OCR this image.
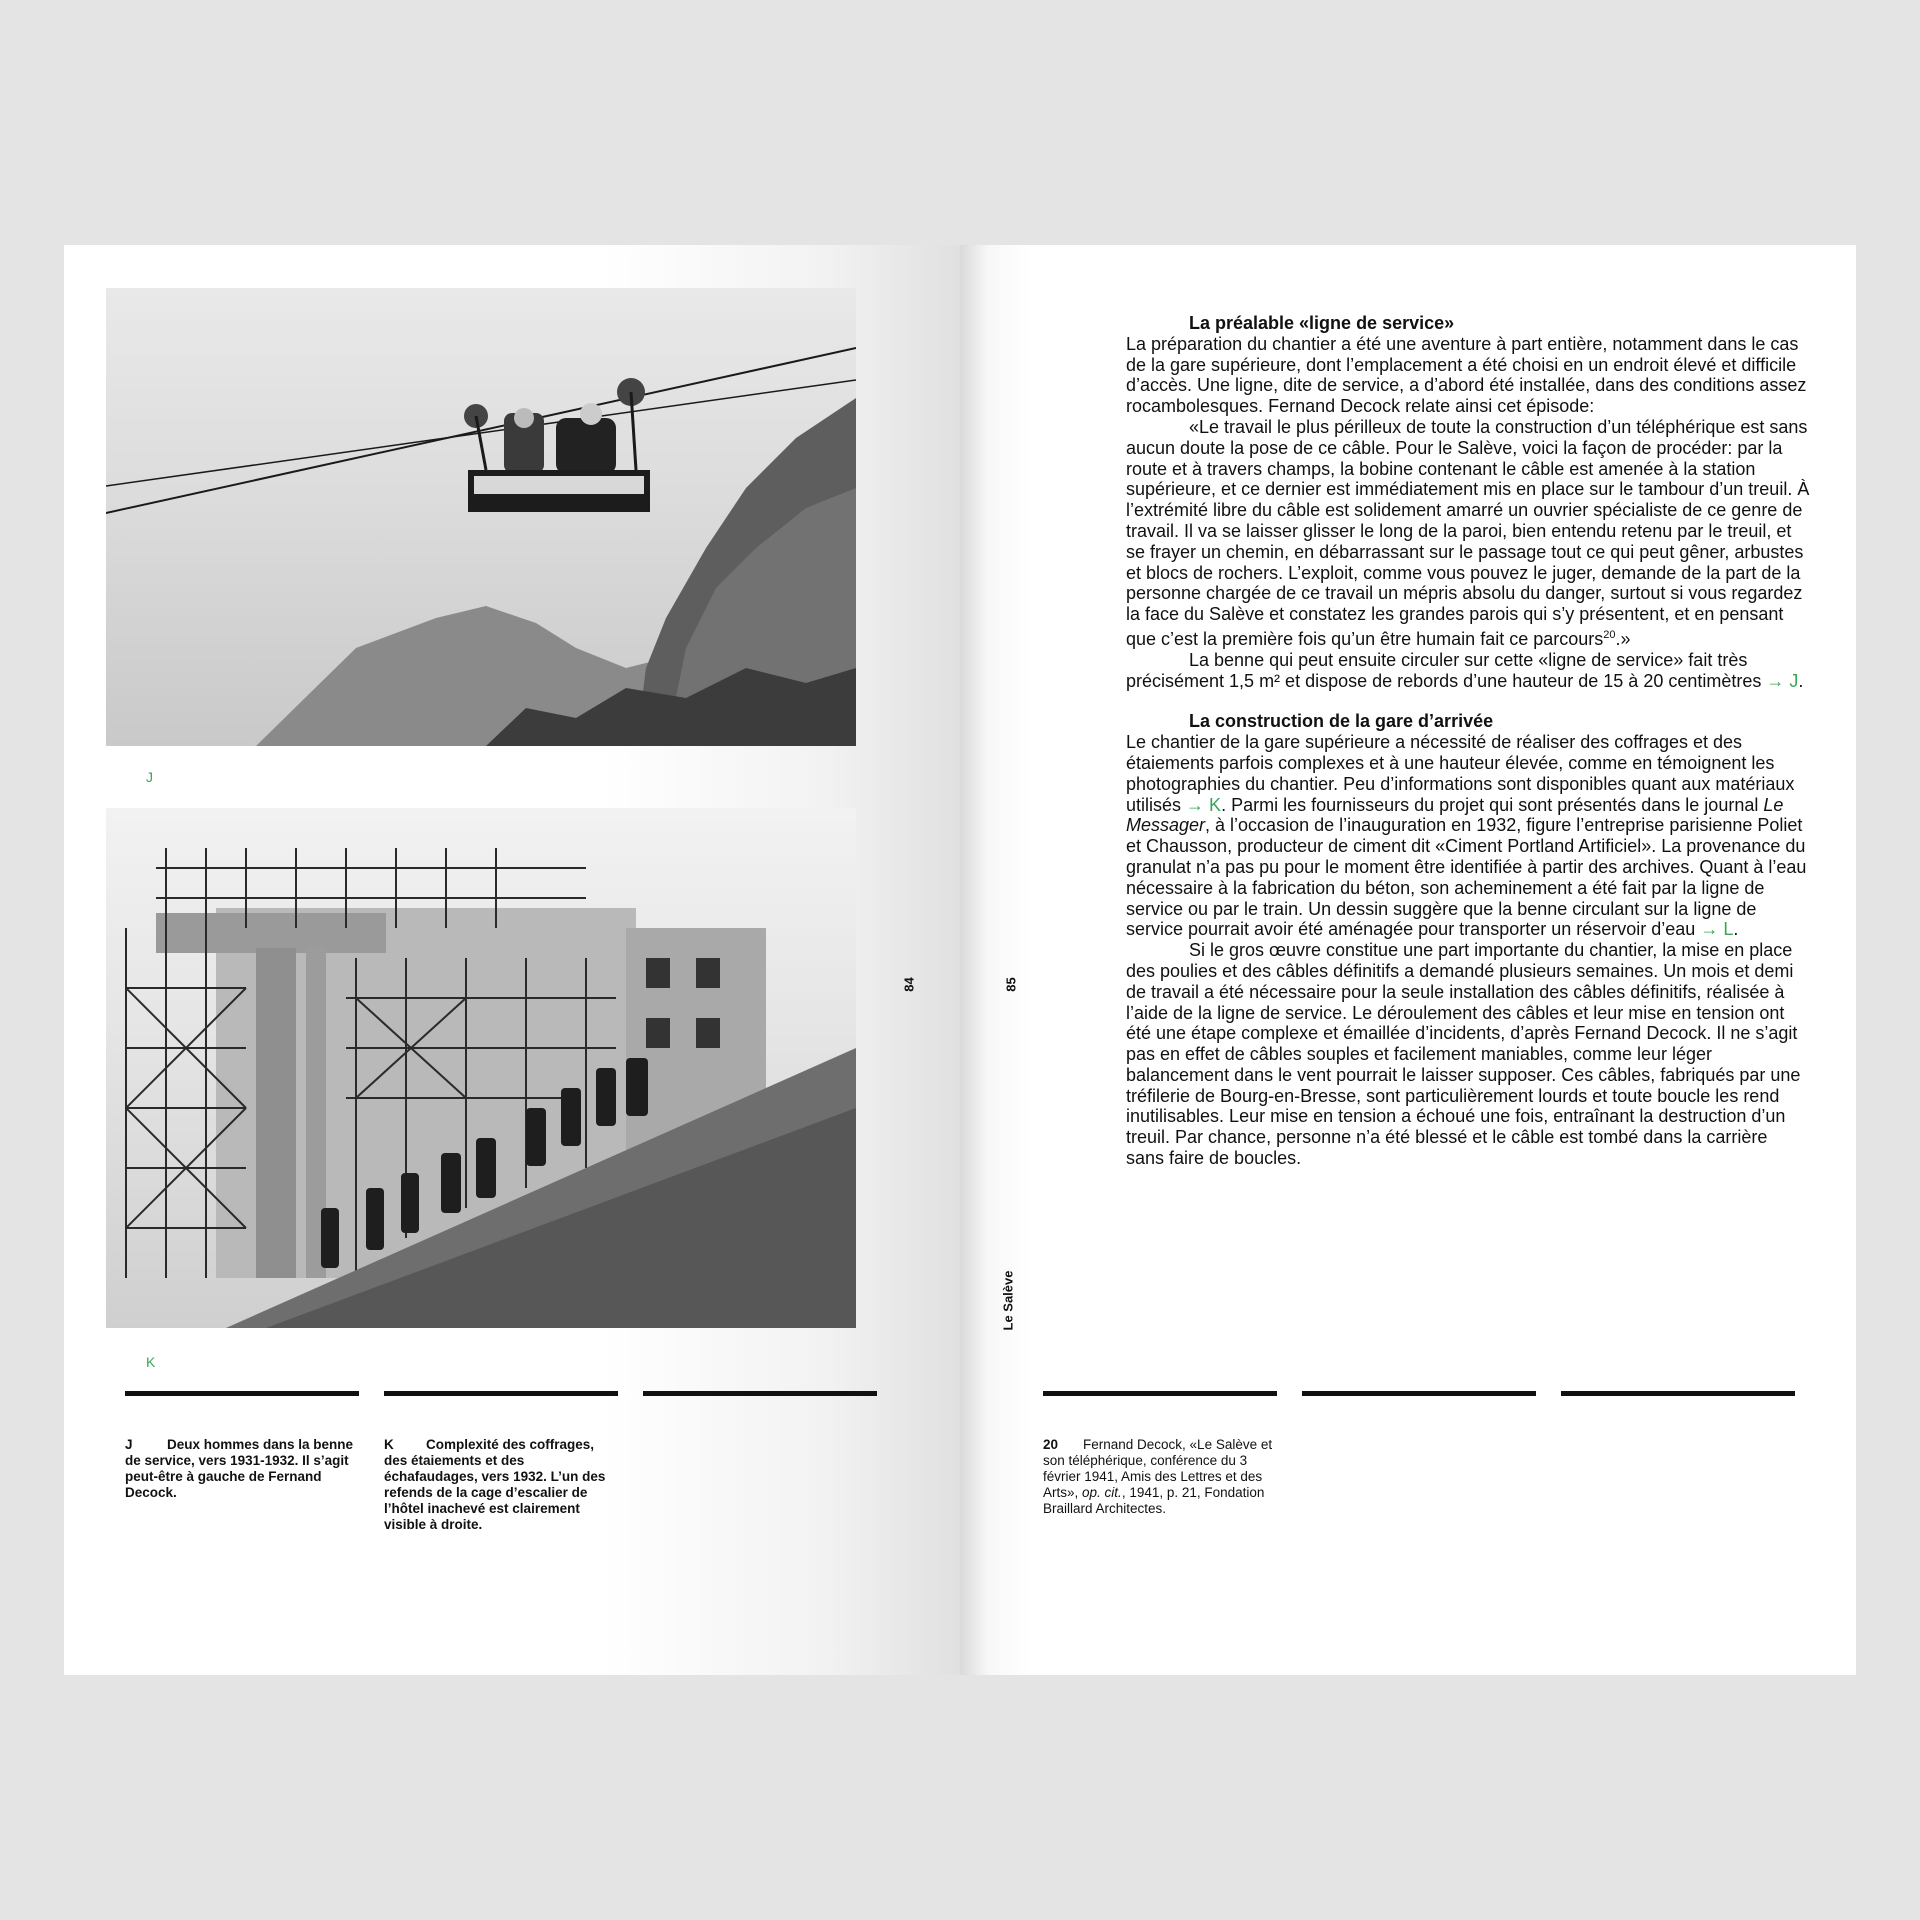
J
K
J	Deux hommes dans la benne de service, vers 1931-1932. Il s’agit peut-être à gauche de Fernand Decock.
K Complexité des coffrages, des étaiements et des échafaudages, vers 1932. L’un des refends de la cage d’escalier de l’hôtel inachevé est clairement visible à droite.
84	85
Le Salève
La préalable «ligne de service»

La préparation du chantier a été une aventure à part entière, notamment dans le cas de la gare supérieure, dont l’emplacement a été choisi en un endroit élevé et difficile d’accès. Une ligne, dite de service, a d’abord été installée, dans des conditions assez rocambolesques. Fernand Decock relate ainsi cet épisode:

«Le travail le plus périlleux de toute la construction d’un téléphérique est sans aucun doute la pose de ce câble. Pour le Salève, voici la façon de procéder: par la route et à travers champs, la bobine contenant le câble est amenée à la station supérieure, et ce dernier est immédiatement mis en place sur le tambour d’un treuil. À l’extrémité libre du câble est solidement amarré un ouvrier spécialiste de ce genre de travail. Il va se laisser glisser le long de la paroi, bien entendu retenu par le treuil, et se frayer un chemin, en débarrassant sur le passage tout ce qui peut gêner, arbustes et blocs de rochers. L’exploit, comme vous pouvez le juger, demande de la part de la personne chargée de ce travail un mépris absolu du danger, surtout si vous regardez la face du Salève et constatez les grandes parois qui s’y présentent, et en pensant que c’est la première fois qu’un être humain fait ce parcours$^{20}$.»

La benne qui peut ensuite circuler sur cette «ligne de service» fait très précisément 1,5 m² et dispose de rebords d’une hauteur de 15 à 20 centimètres → J.

La construction de la gare d’arrivée

Le chantier de la gare supérieure a nécessité de réaliser des coffrages et des étaiements parfois complexes et à une hauteur élevée, comme en témoignent les photographies du chantier. Peu d’informations sont disponibles quant aux matériaux utilisés → K. Parmi les fournisseurs du projet qui sont présentés dans le journal Le Messager, à l’occasion de l’inauguration en 1932, figure l’entreprise parisienne Poliet et Chausson, producteur de ciment dit «Ciment Portland Artificiel». La provenance du granulat n’a pas pu pour le moment être identifiée à partir des archives. Quant à l’eau nécessaire à la fabrication du béton, son acheminement a été fait par la ligne de service ou par le train. Un dessin suggère que la benne circulant sur la ligne de service pourrait avoir été aménagée pour transporter un réservoir d’eau → L.

Si le gros œuvre constitue une part importante du chantier, la mise en place des poulies et des câbles définitifs a demandé plusieurs semaines. Un mois et demi de travail a été nécessaire pour la seule installation des câbles définitifs, réalisée à l’aide de la ligne de service. Le déroulement des câbles et leur mise en tension ont été une étape complexe et émaillée d’incidents, d’après Fernand Decock. Il ne s’agit pas en effet de câbles souples et facilement maniables, comme leur léger balancement dans le vent pourrait le laisser supposer. Ces câbles, fabriqués par une tréfilerie de Bourg-en-Bresse, sont particulièrement lourds et toute boucle les rend inutilisables. Leur mise en tension a échoué une fois, entraînant la destruction d’un treuil. Par chance, personne n’a été blessé et le câble est tombé dans la carrière sans faire de boucles.

20 Fernand Decock, «Le Salève et son téléphérique, conférence du 3 février 1941, Amis des Lettres et des Arts», op. cit., 1941, p. 21, Fondation Braillard Architectes.
